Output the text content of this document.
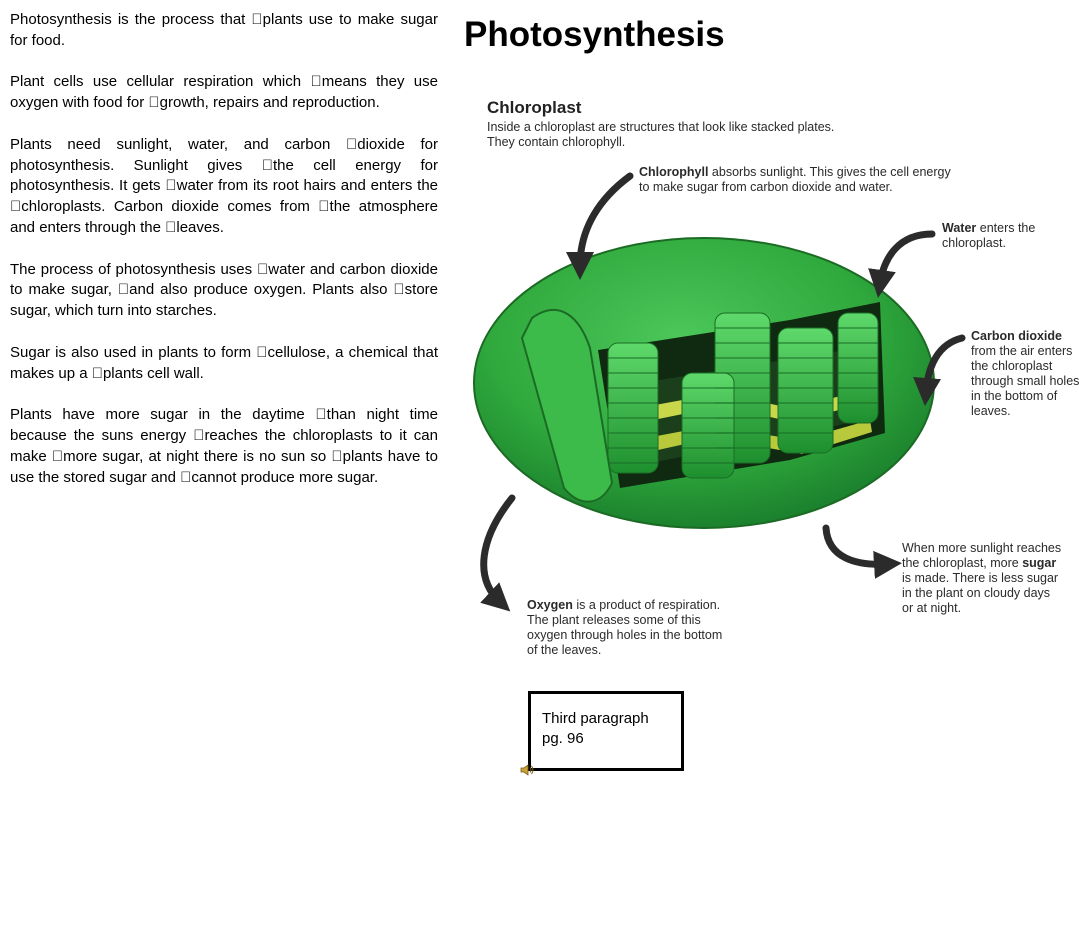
Photosynthesis is the process that plants use to make sugar for food.

Plant cells use cellular respiration which means they use oxygen with food for growth, repairs and reproduction.

Plants need sunlight, water, and carbon dioxide for photosynthesis. Sunlight gives the cell energy for photosynthesis. It gets water from its root hairs and enters the chloroplasts. Carbon dioxide comes from the atmosphere and enters through the leaves.

The process of photosynthesis uses water and carbon dioxide to make sugar, and also produce oxygen. Plants also store sugar, which turn into starches.

Sugar is also used in plants to form cellulose, a chemical that makes up a plants cell wall.

Plants have more sugar in the daytime than night time because the suns energy reaches the chloroplasts to it can make more sugar, at night there is no sun so plants have to use the stored sugar and cannot produce more sugar.

Photosynthesis
Chloroplast
Inside a chloroplast are structures that look like stacked plates.
They contain chlorophyll.
Chlorophyll absorbs sunlight. This gives the cell energy
to make sugar from carbon dioxide and water.
Water enters the
chloroplast.
Carbon dioxide
from the air enters
the chloroplast
through small holes
in the bottom of
leaves.
When more sunlight reaches
the chloroplast, more sugar
is made. There is less sugar
in the plant on cloudy days
or at night.
Oxygen is a product of respiration.
The plant releases some of this
oxygen through holes in the bottom
of the leaves.
Third paragraph
pg. 96
